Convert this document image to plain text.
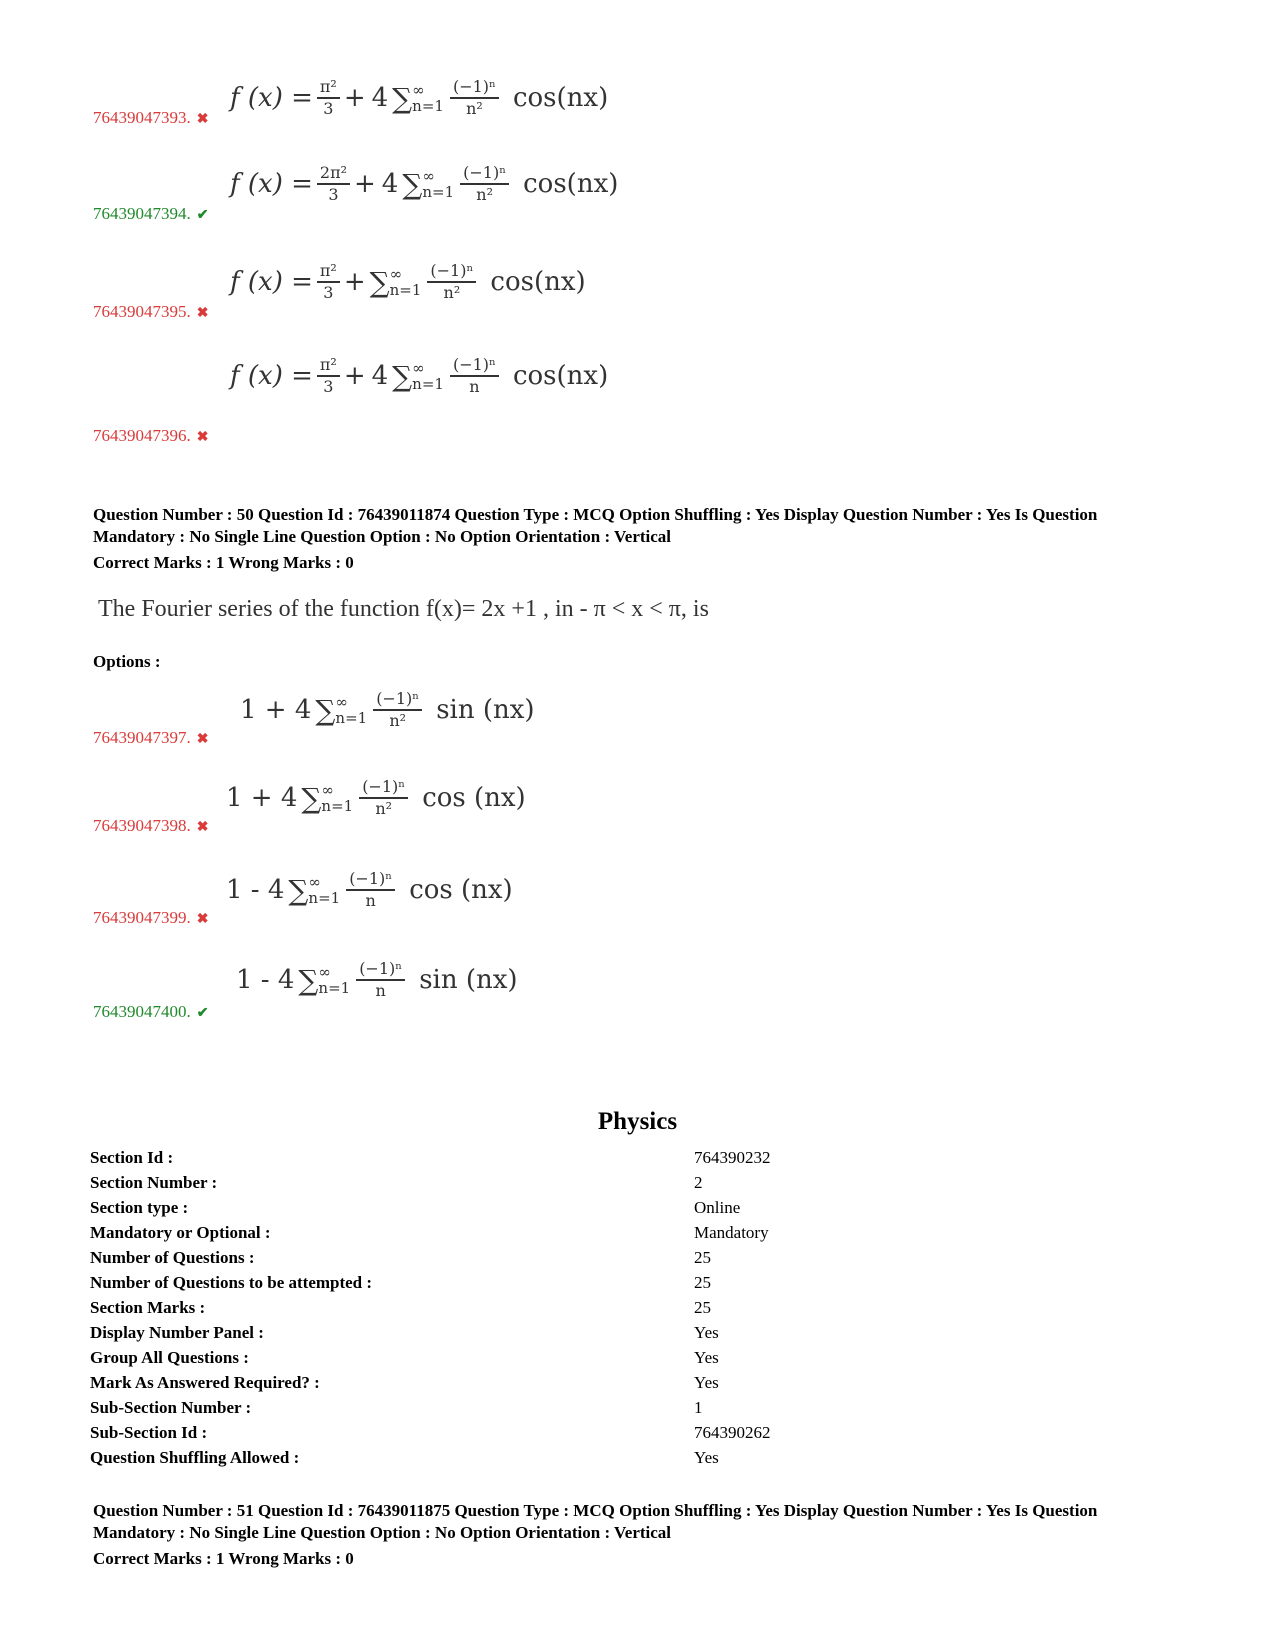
f $(x) = \frac{\text{π²}}{3} + 4$ ∑ ∞
$n=1 \frac{\text{(−1)ⁿ}}{\text{n²}} \cos(nx)$
76439047393. ✖
f $(x) = \frac{\text{2π²}}{3} + 4$ ∑ ∞
$n=1 \frac{\text{(−1)ⁿ}}{\text{n²}} \cos(nx)$
76439047394. ✔
f $(x) = \frac{\text{π²}}{3}$ + ∑ ∞
$n=1 \frac{\text{(−1)ⁿ}}{\text{n²}} \cos(nx)$
76439047395. ✖
f $(x) = \frac{\text{π²}}{3} + 4$ ∑ ∞
$n=1 \frac{\text{(−1)ⁿ}}{n} \cos(nx)$
76439047396. ✖
Question Number : 50 Question Id : 76439011874 Question Type : MCQ Option Shuffling : Yes Display Question Number : Yes Is Question
Mandatory : No Single Line Question Option : No Option Orientation : Vertical
Correct Marks : 1 Wrong Marks : 0
The Fourier series of the function f(x)= 2x +1 , in - π < x < π, is
Options :
1 + 4 ∑ ∞
$n=1 \frac{\text{(−1)ⁿ}}{\text{n²}}$ sin (nx)
76439047397. ✖
1 + 4 ∑ ∞
$n=1 \frac{\text{(−1)ⁿ}}{\text{n²}}$ cos (nx)
76439047398. ✖
1 - 4 ∑ ∞
$n=1 \frac{\text{(−1)ⁿ}}{n}$ cos (nx)
76439047399. ✖
1 - 4 ∑ ∞
$n=1 \frac{\text{(−1)ⁿ}}{n}$ sin (nx)
76439047400. ✔
Physics
Section Id :	764390232
Section Number :	2
Section type :	Online
Mandatory or Optional :	Mandatory
Number of Questions :	25
Number of Questions to be attempted :	25
Section Marks :	25
Display Number Panel :	Yes
Group All Questions :	Yes
Mark As Answered Required? :	Yes
Sub-Section Number :	1
Sub-Section Id :	764390262
Question Shuffling Allowed :	Yes
Question Number : 51 Question Id : 76439011875 Question Type : MCQ Option Shuffling : Yes Display Question Number : Yes Is Question
Mandatory : No Single Line Question Option : No Option Orientation : Vertical
Correct Marks : 1 Wrong Marks : 0
